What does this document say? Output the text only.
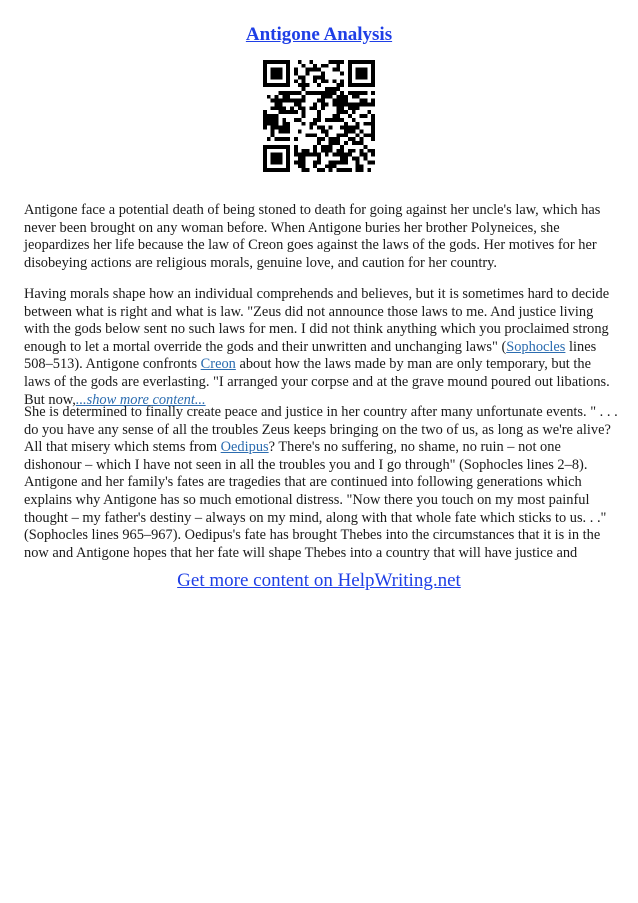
Antigone Analysis

Antigone face a potential death of being stoned to death for going against her uncle's law, which has never been brought on any woman before. When Antigone buries her brother Polyneices, she jeopardizes her life because the law of Creon goes against the laws of the gods. Her motives for her disobeying actions are religious morals, genuine love, and caution for her country.

Having morals shape how an individual comprehends and believes, but it is sometimes hard to decide between what is right and what is law. "Zeus did not announce those laws to me. And justice living with the gods below sent no such laws for men. I did not think anything which you proclaimed strong enough to let a mortal override the gods and their unwritten and unchanging laws" (Sophocles lines 508–513). Antigone confronts Creon about how the laws made by man are only temporary, but the laws of the gods are everlasting. "I arranged your corpse and at the grave mound poured out libations. But now,...show more content...

She is determined to finally create peace and justice in her country after many unfortunate events. " . . . do you have any sense of all the troubles Zeus keeps bringing on the two of us, as long as we're alive? All that misery which stems from Oedipus? There's no suffering, no shame, no ruin – not one dishonour – which I have not seen in all the troubles you and I go through" (Sophocles lines 2–8). Antigone and her family's fates are tragedies that are continued into following generations which explains why Antigone has so much emotional distress. "Now there you touch on my most painful thought – my father's destiny – always on my mind, along with that whole fate which sticks to us. . ." (Sophocles lines 965–967). Oedipus's fate has brought Thebes into the circumstances that it is in the now and Antigone hopes that her fate will shape Thebes into a country that will have justice and

Get more content on HelpWriting.net
